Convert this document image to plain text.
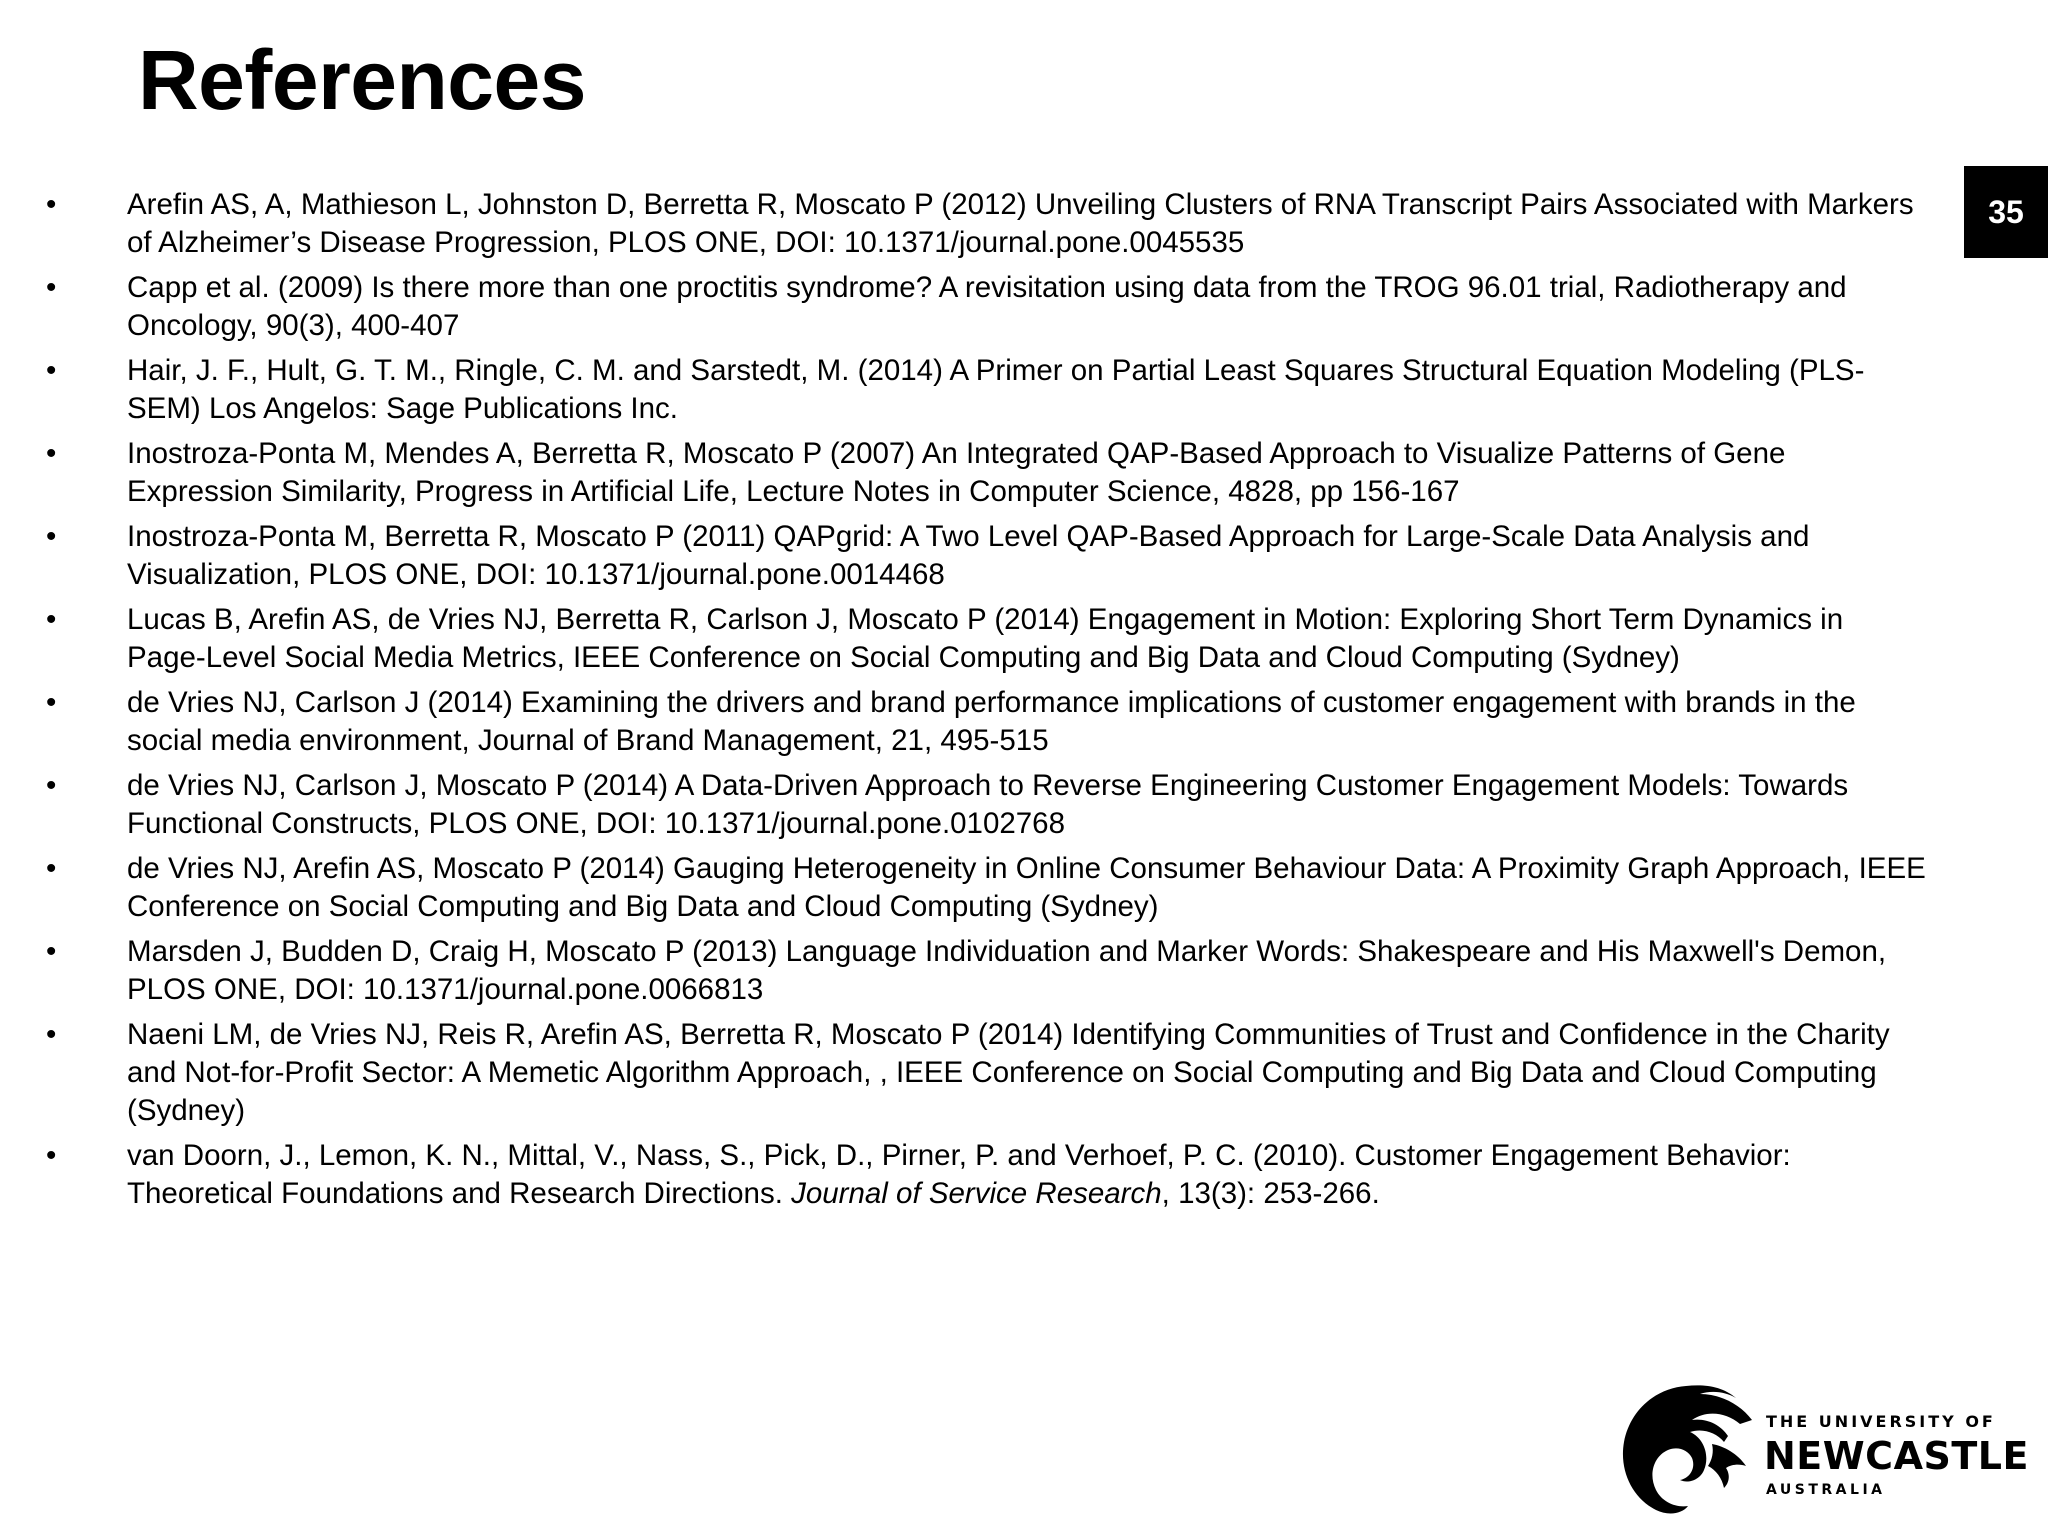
References
35
•	Arefin AS, A, Mathieson L, Johnston D, Berretta R, Moscato P (2012) Unveiling Clusters of RNA Transcript Pairs Associated with Markers of Alzheimer’s Disease Progression, PLOS ONE, DOI: 10.1371/journal.pone.0045535
•	Capp et al. (2009) Is there more than one proctitis syndrome? A revisitation using data from the TROG 96.01 trial, Radiotherapy and Oncology, 90(3), 400-407
•	Hair, J. F., Hult, G. T. M., Ringle, C. M. and Sarstedt, M. (2014) A Primer on Partial Least Squares Structural Equation Modeling (PLS-SEM) Los Angelos: Sage Publications Inc.
•	Inostroza-Ponta M, Mendes A, Berretta R, Moscato P (2007) An Integrated QAP-Based Approach to Visualize Patterns of Gene Expression Similarity, Progress in Artificial Life, Lecture Notes in Computer Science, 4828, pp 156-167
•	Inostroza-Ponta M, Berretta R, Moscato P (2011) QAPgrid: A Two Level QAP-Based Approach for Large-Scale Data Analysis and Visualization, PLOS ONE, DOI: 10.1371/journal.pone.0014468
•	Lucas B, Arefin AS, de Vries NJ, Berretta R, Carlson J, Moscato P (2014) Engagement in Motion: Exploring Short Term Dynamics in Page-Level Social Media Metrics, IEEE Conference on Social Computing and Big Data and Cloud Computing (Sydney)
•	de Vries NJ, Carlson J (2014) Examining the drivers and brand performance implications of customer engagement with brands in the social media environment, Journal of Brand Management, 21, 495-515
•	de Vries NJ, Carlson J, Moscato P (2014) A Data-Driven Approach to Reverse Engineering Customer Engagement Models: Towards Functional Constructs, PLOS ONE, DOI: 10.1371/journal.pone.0102768
•	de Vries NJ, Arefin AS, Moscato P (2014) Gauging Heterogeneity in Online Consumer Behaviour Data: A Proximity Graph Approach, IEEE Conference on Social Computing and Big Data and Cloud Computing (Sydney)
•	Marsden J, Budden D, Craig H, Moscato P (2013) Language Individuation and Marker Words: Shakespeare and His Maxwell's Demon, PLOS ONE, DOI: 10.1371/journal.pone.0066813
•	Naeni LM, de Vries NJ, Reis R, Arefin AS, Berretta R, Moscato P (2014) Identifying Communities of Trust and Confidence in the Charity and Not-for-Profit Sector: A Memetic Algorithm Approach, , IEEE Conference on Social Computing and Big Data and Cloud Computing (Sydney)
•	van Doorn, J., Lemon, K. N., Mittal, V., Nass, S., Pick, D., Pirner, P. and Verhoef, P. C. (2010). Customer Engagement Behavior: Theoretical Foundations and Research Directions. Journal of Service Research, 13(3): 253-266.
THE UNIVERSITY OF
NEWCASTLE
AUSTRALIA
